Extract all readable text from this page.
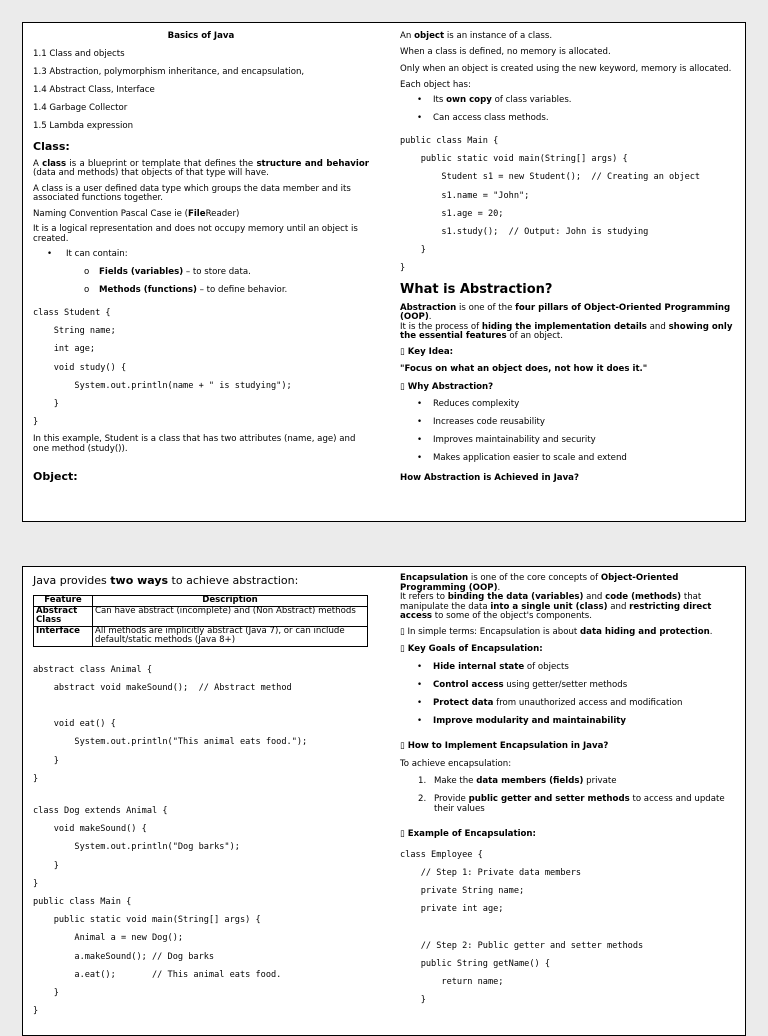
Basics of Java

1.1 Class and objects

1.3 Abstraction, polymorphism inheritance, and encapsulation,

1.4 Abstract Class, Interface

1.4 Garbage Collector

1.5 Lambda expression

Class:

A class is a blueprint or template that defines the structure and behavior (data and methods) that objects of that type will have.

A class is a user defined data type which groups the data member and its associated functions together.

Naming Convention Pascal Case ie (FileReader)

It is a logical representation and does not occupy memory until an object is created.

• It can contain:
o Fields (variables) – to store data.
o Methods (functions) – to define behavior.
class Student {
String name;
int age;
void study() {
System.out.println(name + " is studying");
}
}

In this example, Student is a class that has two attributes (name, age) and one method (study()).

Object:

An object is an instance of a class.

When a class is defined, no memory is allocated.

Only when an object is created using the new keyword, memory is allocated.

Each object has:

• Its own copy of class variables.
• Can access class methods.
public class Main {
public static void main(String[] args) {
Student s1 = new Student();  // Creating an object
s1.name = "John";
s1.age = 20;
s1.study();  // Output: John is studying
}
}
What is Abstraction?

Abstraction is one of the four pillars of Object-Oriented Programming (OOP).
It is the process of hiding the implementation details and showing only the essential features of an object.

▯ Key Idea:

"Focus on what an object does, not how it does it."

▯ Why Abstraction?

• Reduces complexity
• Increases code reusability
• Improves maintainability and security
• Makes application easier to scale and extend

How Abstraction is Achieved in Java?

Java provides two ways to achieve abstraction:

Feature	Description
Abstract Class	Can have abstract (incomplete) and (Non Abstract) methods
Interface	All methods are implicitly abstract (Java 7), or can include default/static methods (Java 8+)
abstract class Animal {
abstract void makeSound();  // Abstract method

void eat() {
System.out.println("This animal eats food.");
}
}
class Dog extends Animal {
void makeSound() {
System.out.println("Dog barks");
}
}
public class Main {
public static void main(String[] args) {
Animal a = new Dog();
a.makeSound(); // Dog barks
a.eat();       // This animal eats food.
}
}

Encapsulation is one of the core concepts of Object-Oriented Programming (OOP).
It refers to binding the data (variables) and code (methods) that manipulate the data into a single unit (class) and restricting direct access to some of the object's components.

▯ In simple terms: Encapsulation is about data hiding and protection.

▯ Key Goals of Encapsulation:

• Hide internal state of objects
• Control access using getter/setter methods
• Protect data from unauthorized access and modification
• Improve modularity and maintainability

▯ How to Implement Encapsulation in Java?

To achieve encapsulation:

1. Make the data members (fields) private
2. Provide public getter and setter methods to access and update their values

▯ Example of Encapsulation:

class Employee {
// Step 1: Private data members
private String name;
private int age;

// Step 2: Public getter and setter methods
public String getName() {
return name;
}
